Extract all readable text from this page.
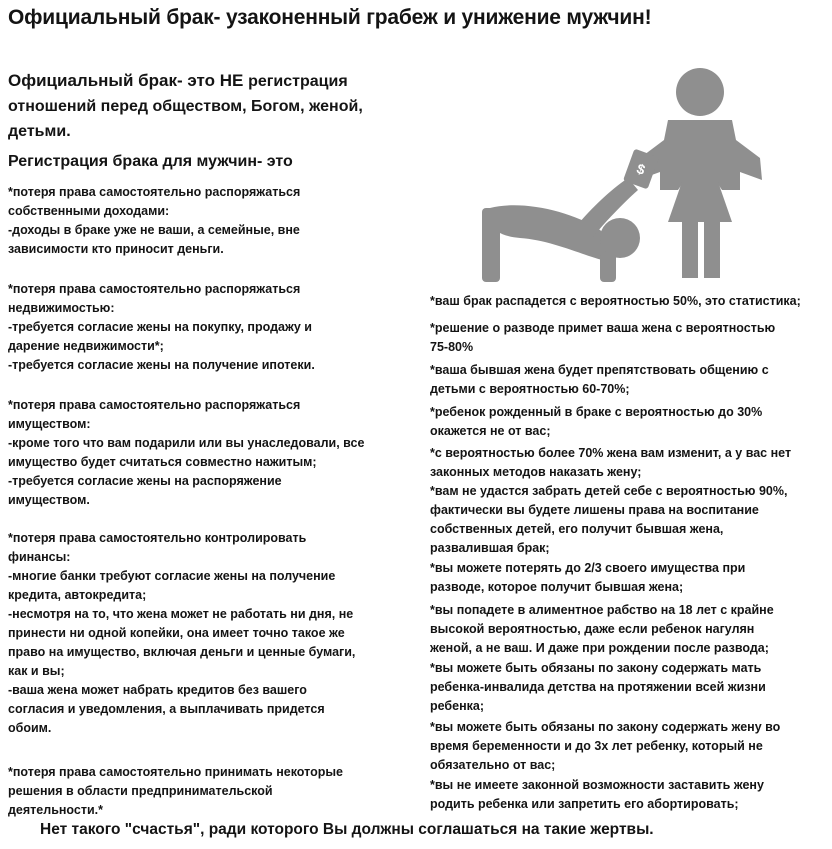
Официальный брак- узаконенный грабеж и унижение мужчин!
Официальный брак- это НЕ регистрация отношений перед обществом, Богом, женой, детьми.
Регистрация брака для мужчин- это

*потеря права самостоятельно распоряжаться
собственными доходами:
-доходы в браке уже не ваши, а семейные, вне
зависимости кто приносит деньги.

*потеря права самостоятельно распоряжаться
недвижимостью:
-требуется согласие жены на покупку, продажу и
дарение недвижимости*;
-требуется согласие жены на получение ипотеки.

*потеря права самостоятельно распоряжаться
имуществом:
-кроме того что вам подарили или вы унаследовали, все
имущество будет считаться совместно нажитым;
-требуется согласие жены на распоряжение
имуществом.

*потеря права самостоятельно контролировать
финансы:
-многие банки требуют согласие жены на получение
кредита, автокредита;
-несмотря на то, что жена может не работать ни дня, не
принести ни одной копейки, она имеет точно такое же
право на имущество, включая деньги и ценные бумаги,
как и вы;
-ваша жена может набрать кредитов без вашего
согласия и уведомления, а выплачивать придется
обоим.

*потеря права самостоятельно принимать некоторые
решения в области предпринимательской
деятельности.*

*ваш брак распадется с вероятностью 50%, это статистика;

*решение о разводе примет ваша жена с вероятностью
75-80%

*ваша бывшая жена будет препятствовать общению с
детьми с вероятностью 60-70%;

*ребенок рожденный в браке с вероятностью до 30%
окажется не от вас;

*с вероятностью более 70% жена вам изменит, а у вас нет
законных методов наказать жену;

*вам не удастся забрать детей себе с вероятностью 90%,
фактически вы будете лишены права на воспитание
собственных детей, его получит бывшая жена,
развалившая брак;

*вы можете потерять до 2/3 своего имущества при
разводе, которое получит бывшая жена;

*вы попадете в алиментное рабство на 18 лет с крайне
высокой вероятностью, даже если ребенок нагулян
женой, а не ваш. И даже при рождении после развода;

*вы можете быть обязаны по закону содержать мать
ребенка-инвалида детства на протяжении всей жизни
ребенка;

*вы можете быть обязаны по закону содержать жену во
время беременности и до 3х лет ребенку, который не
обязательно от вас;

*вы не имеете законной возможности заставить жену
родить ребенка или запретить его абортировать;

Нет такого "счастья", ради которого Вы должны соглашаться на такие жертвы.
$
